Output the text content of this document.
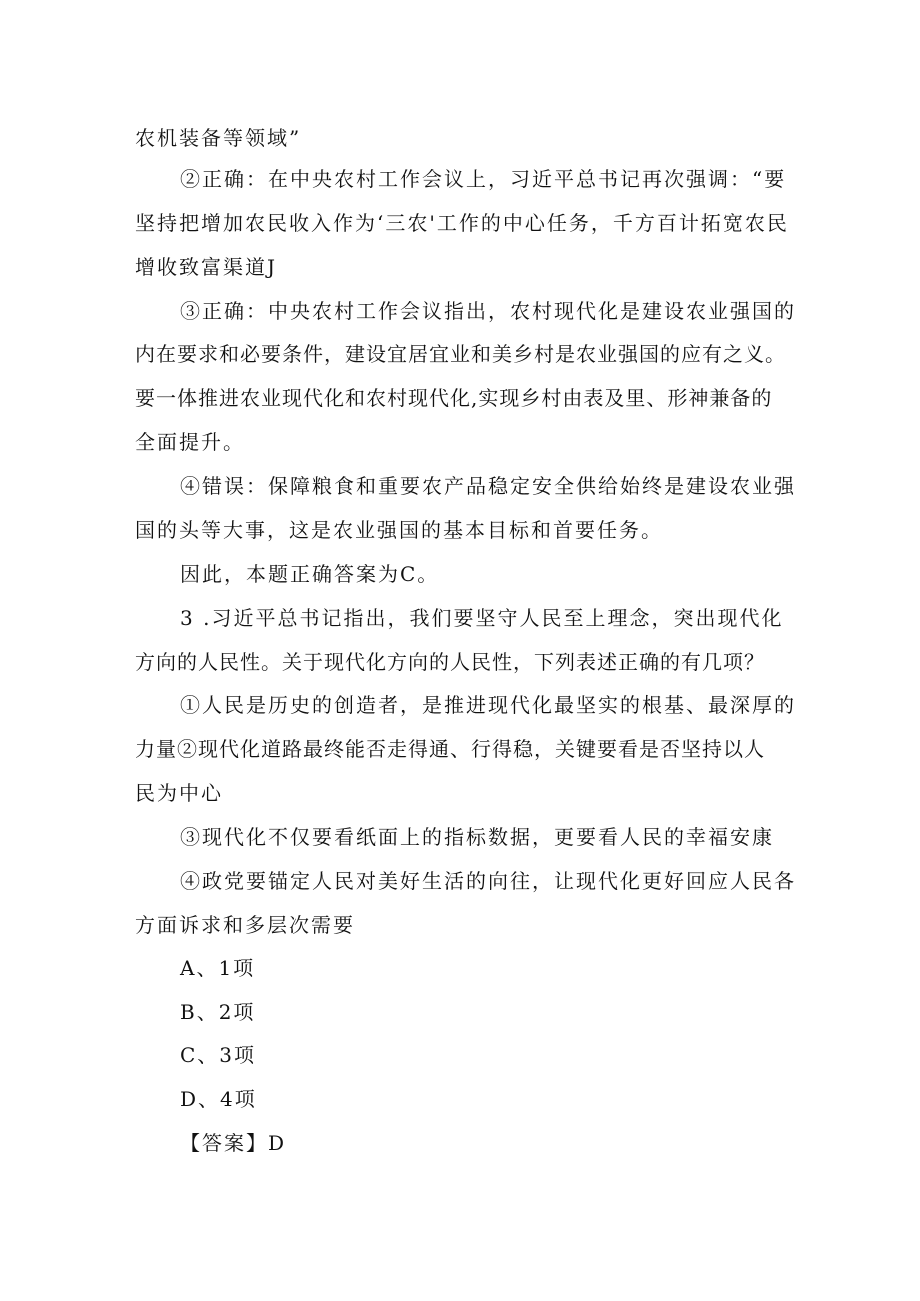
农机装备等领域”
②正确：在中央农村工作会议上，习近平总书记再次强调：“要
坚持把增加农民收入作为‘三农'工作的中心任务，千方百计拓宽农民
增收致富渠道J
③正确：中央农村工作会议指出，农村现代化是建设农业强国的
内在要求和必要条件，建设宜居宜业和美乡村是农业强国的应有之义。
要一体推进农业现代化和农村现代化,实现乡村由表及里、形神兼备的
全面提升。
④错误：保障粮食和重要农产品稳定安全供给始终是建设农业强
国的头等大事，这是农业强国的基本目标和首要任务。
因此，本题正确答案为C。
3 .习近平总书记指出，我们要坚守人民至上理念，突出现代化
方向的人民性。关于现代化方向的人民性，下列表述正确的有几项？
①人民是历史的创造者，是推进现代化最坚实的根基、最深厚的
力量②现代化道路最终能否走得通、行得稳，关键要看是否坚持以人
民为中心
③现代化不仅要看纸面上的指标数据，更要看人民的幸福安康
④政党要锚定人民对美好生活的向往，让现代化更好回应人民各
方面诉求和多层次需要
A、1项
B、2项
C、3项
D、4项
【答案】D
